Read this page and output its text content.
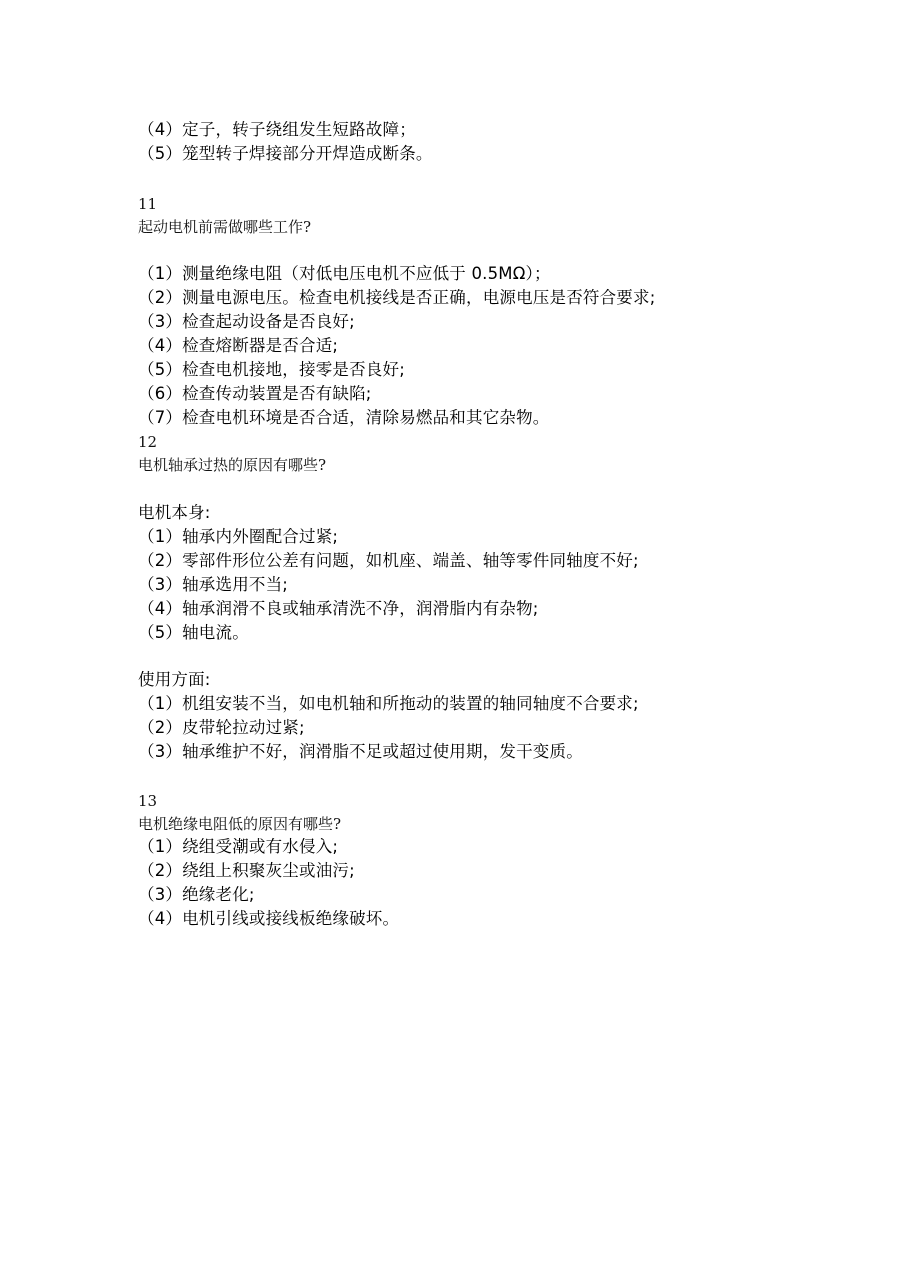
（4）定子，转子绕组发生短路故障；
（5）笼型转子焊接部分开焊造成断条。
11
起动电机前需做哪些工作?
（1）测量绝缘电阻（对低电压电机不应低于 0.5MΩ）；
（2）测量电源电压。检查电机接线是否正确，电源电压是否符合要求;
（3）检查起动设备是否良好;
（4）检查熔断器是否合适;
（5）检查电机接地，接零是否良好;
（6）检查传动装置是否有缺陷;
（7）检查电机环境是否合适，清除易燃品和其它杂物。
12
电机轴承过热的原因有哪些?
电机本身:
（1）轴承内外圈配合过紧;
（2）零部件形位公差有问题，如机座、端盖、轴等零件同轴度不好;
（3）轴承选用不当;
（4）轴承润滑不良或轴承清洗不净，润滑脂内有杂物;
（5）轴电流。
使用方面:
（1）机组安装不当，如电机轴和所拖动的装置的轴同轴度不合要求;
（2）皮带轮拉动过紧;
（3）轴承维护不好，润滑脂不足或超过使用期，发干变质。
13
电机绝缘电阻低的原因有哪些?
（1）绕组受潮或有水侵入;
（2）绕组上积聚灰尘或油污;
（3）绝缘老化;
（4）电机引线或接线板绝缘破坏。
